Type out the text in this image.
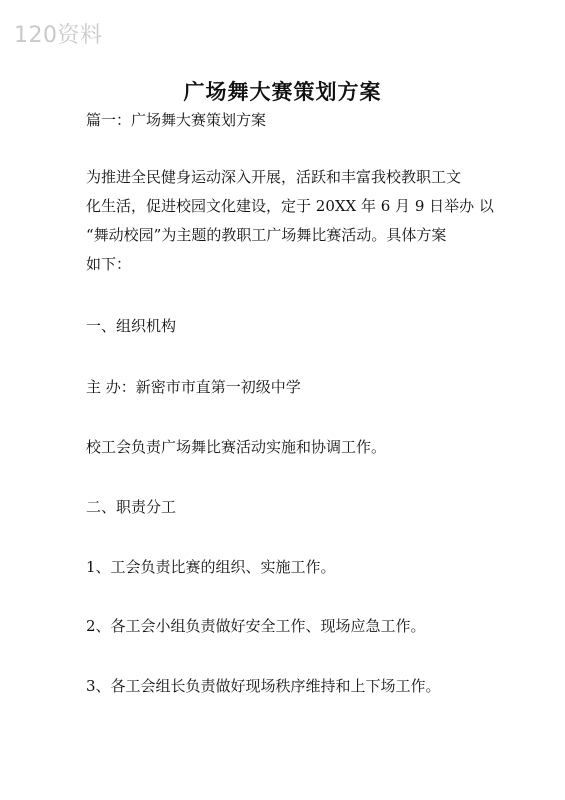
120资料
广场舞大赛策划方案
篇一：广场舞大赛策划方案
为推进全民健身运动深入开展，活跃和丰富我校教职工文
化生活，促进校园文化建设，定于 20XX 年 6 月 9 日举办 以
“舞动校园”为主题的教职工广场舞比赛活动。具体方案
如下：
一、组织机构
主 办：新密市市直第一初级中学
校工会负责广场舞比赛活动实施和协调工作。
二、职责分工
1、工会负责比赛的组织、实施工作。
2、各工会小组负责做好安全工作、现场应急工作。
3、各工会组长负责做好现场秩序维持和上下场工作。
